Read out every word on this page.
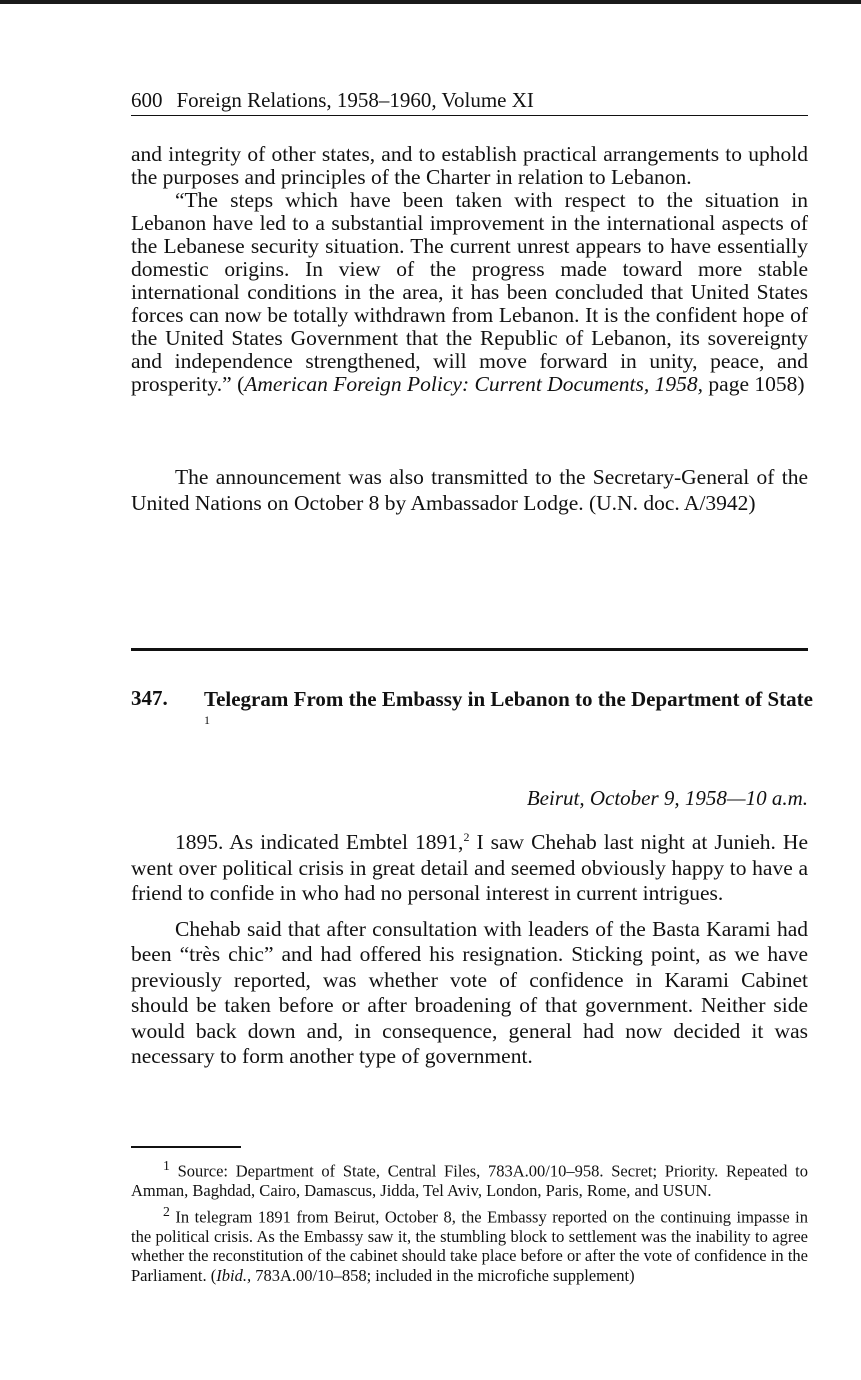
600 Foreign Relations, 1958–1960, Volume XI

and integrity of other states, and to establish practical arrangements to uphold the purposes and principles of the Charter in relation to Lebanon.

“The steps which have been taken with respect to the situation in Lebanon have led to a substantial improvement in the international aspects of the Lebanese security situation. The current unrest appears to have essentially domestic origins. In view of the progress made toward more stable international conditions in the area, it has been concluded that United States forces can now be totally withdrawn from Lebanon. It is the confident hope of the United States Government that the Republic of Lebanon, its sovereignty and independence strengthened, will move forward in unity, peace, and prosperity.” (American Foreign Policy: Current Documents, 1958, page 1058)

The announcement was also transmitted to the Secretary-General of the United Nations on October 8 by Ambassador Lodge. (U.N. doc. A/3942)

347. Telegram From the Embassy in Lebanon to the Department of State $^1$
Beirut, October 9, 1958—10 a.m.

1895. As indicated Embtel 1891,$^2$ I saw Chehab last night at Junieh. He went over political crisis in great detail and seemed obviously happy to have a friend to confide in who had no personal interest in current intrigues.

Chehab said that after consultation with leaders of the Basta Karami had been “très chic” and had offered his resignation. Sticking point, as we have previously reported, was whether vote of confidence in Karami Cabinet should be taken before or after broadening of that government. Neither side would back down and, in consequence, general had now decided it was necessary to form another type of government.

$^1$ Source: Department of State, Central Files, 783A.00/10–958. Secret; Priority. Repeated to Amman, Baghdad, Cairo, Damascus, Jidda, Tel Aviv, London, Paris, Rome, and USUN.

$^2$ In telegram 1891 from Beirut, October 8, the Embassy reported on the continuing impasse in the political crisis. As the Embassy saw it, the stumbling block to settlement was the inability to agree whether the reconstitution of the cabinet should take place before or after the vote of confidence in the Parliament. (Ibid., 783A.00/10–858; included in the microfiche supplement)
